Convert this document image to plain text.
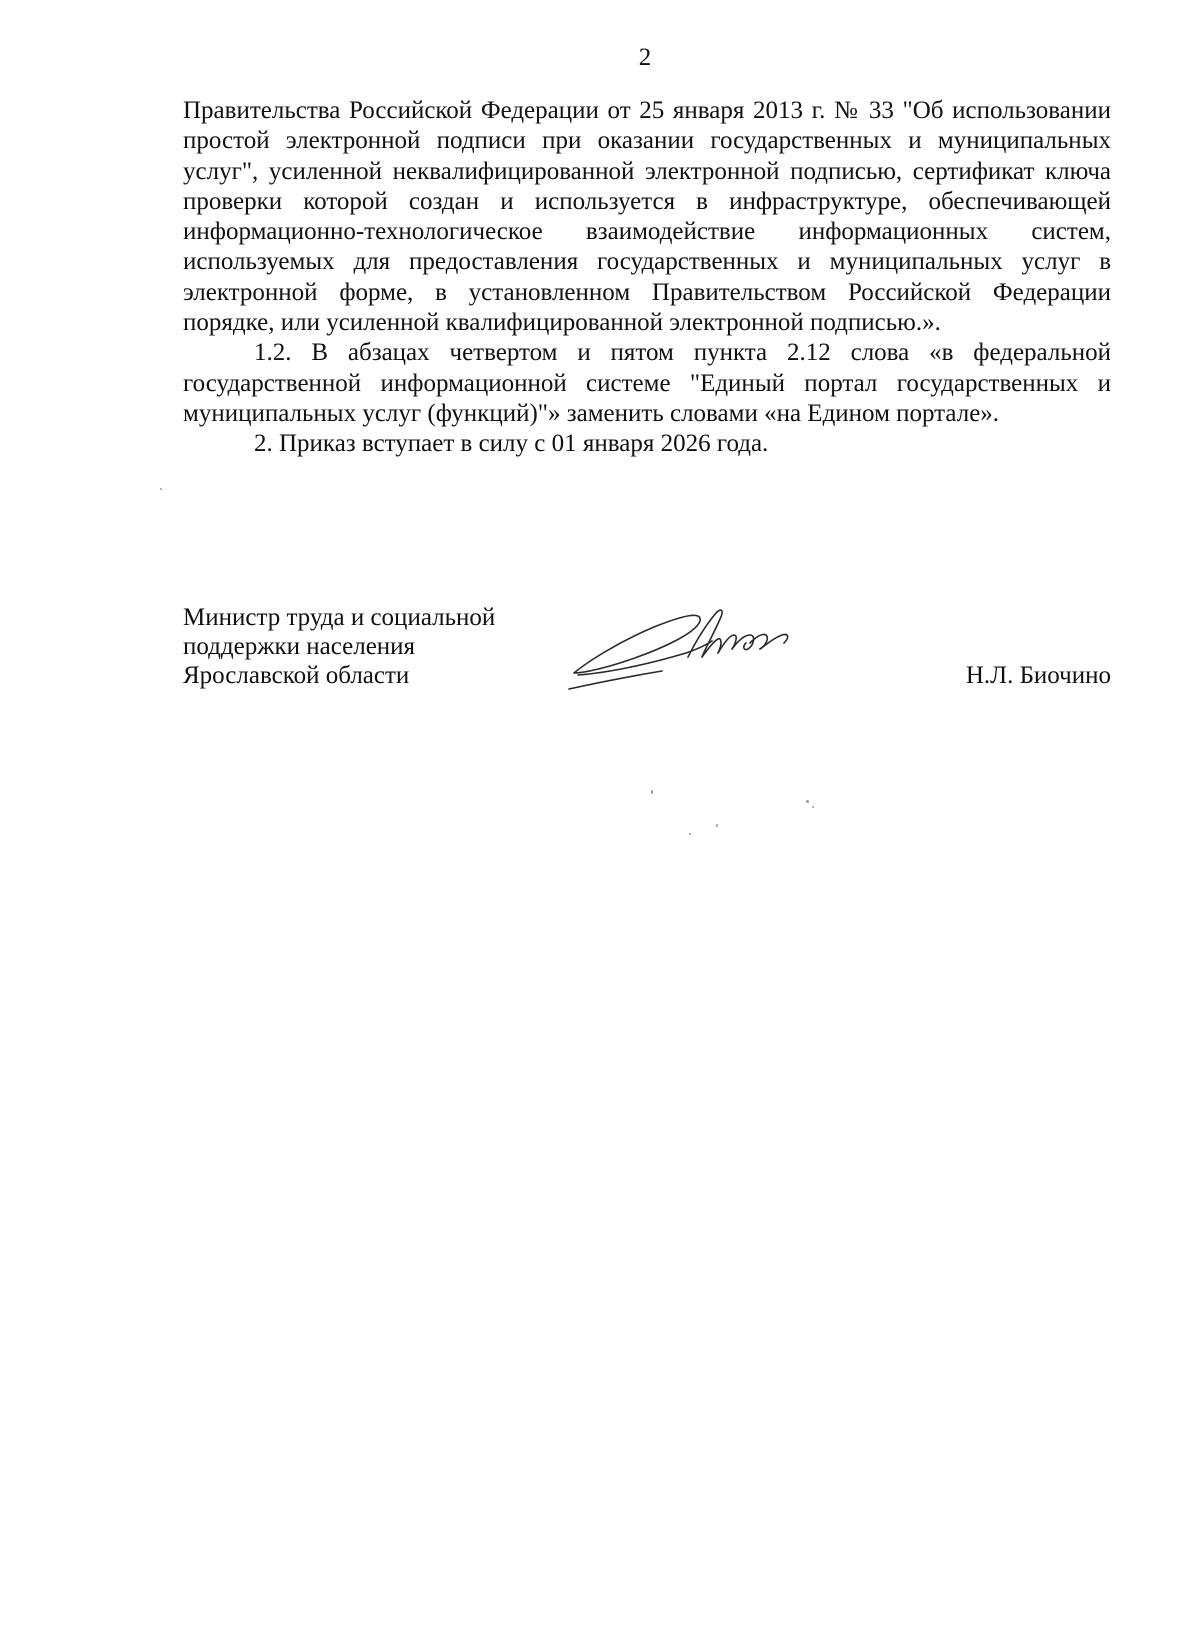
2

Правительства Российской Федерации от 25 января 2013 г. № 33 "Об использовании простой электронной подписи при оказании государственных и муниципальных услуг", усиленной неквалифицированной электронной подписью, сертификат ключа проверки которой создан и используется в инфраструктуре, обеспечивающей информационно-технологическое взаимодействие информационных систем, используемых для предоставления государственных и муниципальных услуг в электронной форме, в установленном Правительством Российской Федерации порядке, или усиленной квалифицированной электронной подписью.».

1.2. В абзацах четвертом и пятом пункта 2.12 слова «в федеральной государственной информационной системе "Единый портал государственных и муниципальных услуг (функций)"» заменить словами «на Едином портале».

2. Приказ вступает в силу с 01 января 2026 года.

Министр труда и социальной
поддержки населения
Ярославской области	Н.Л. Биочино
